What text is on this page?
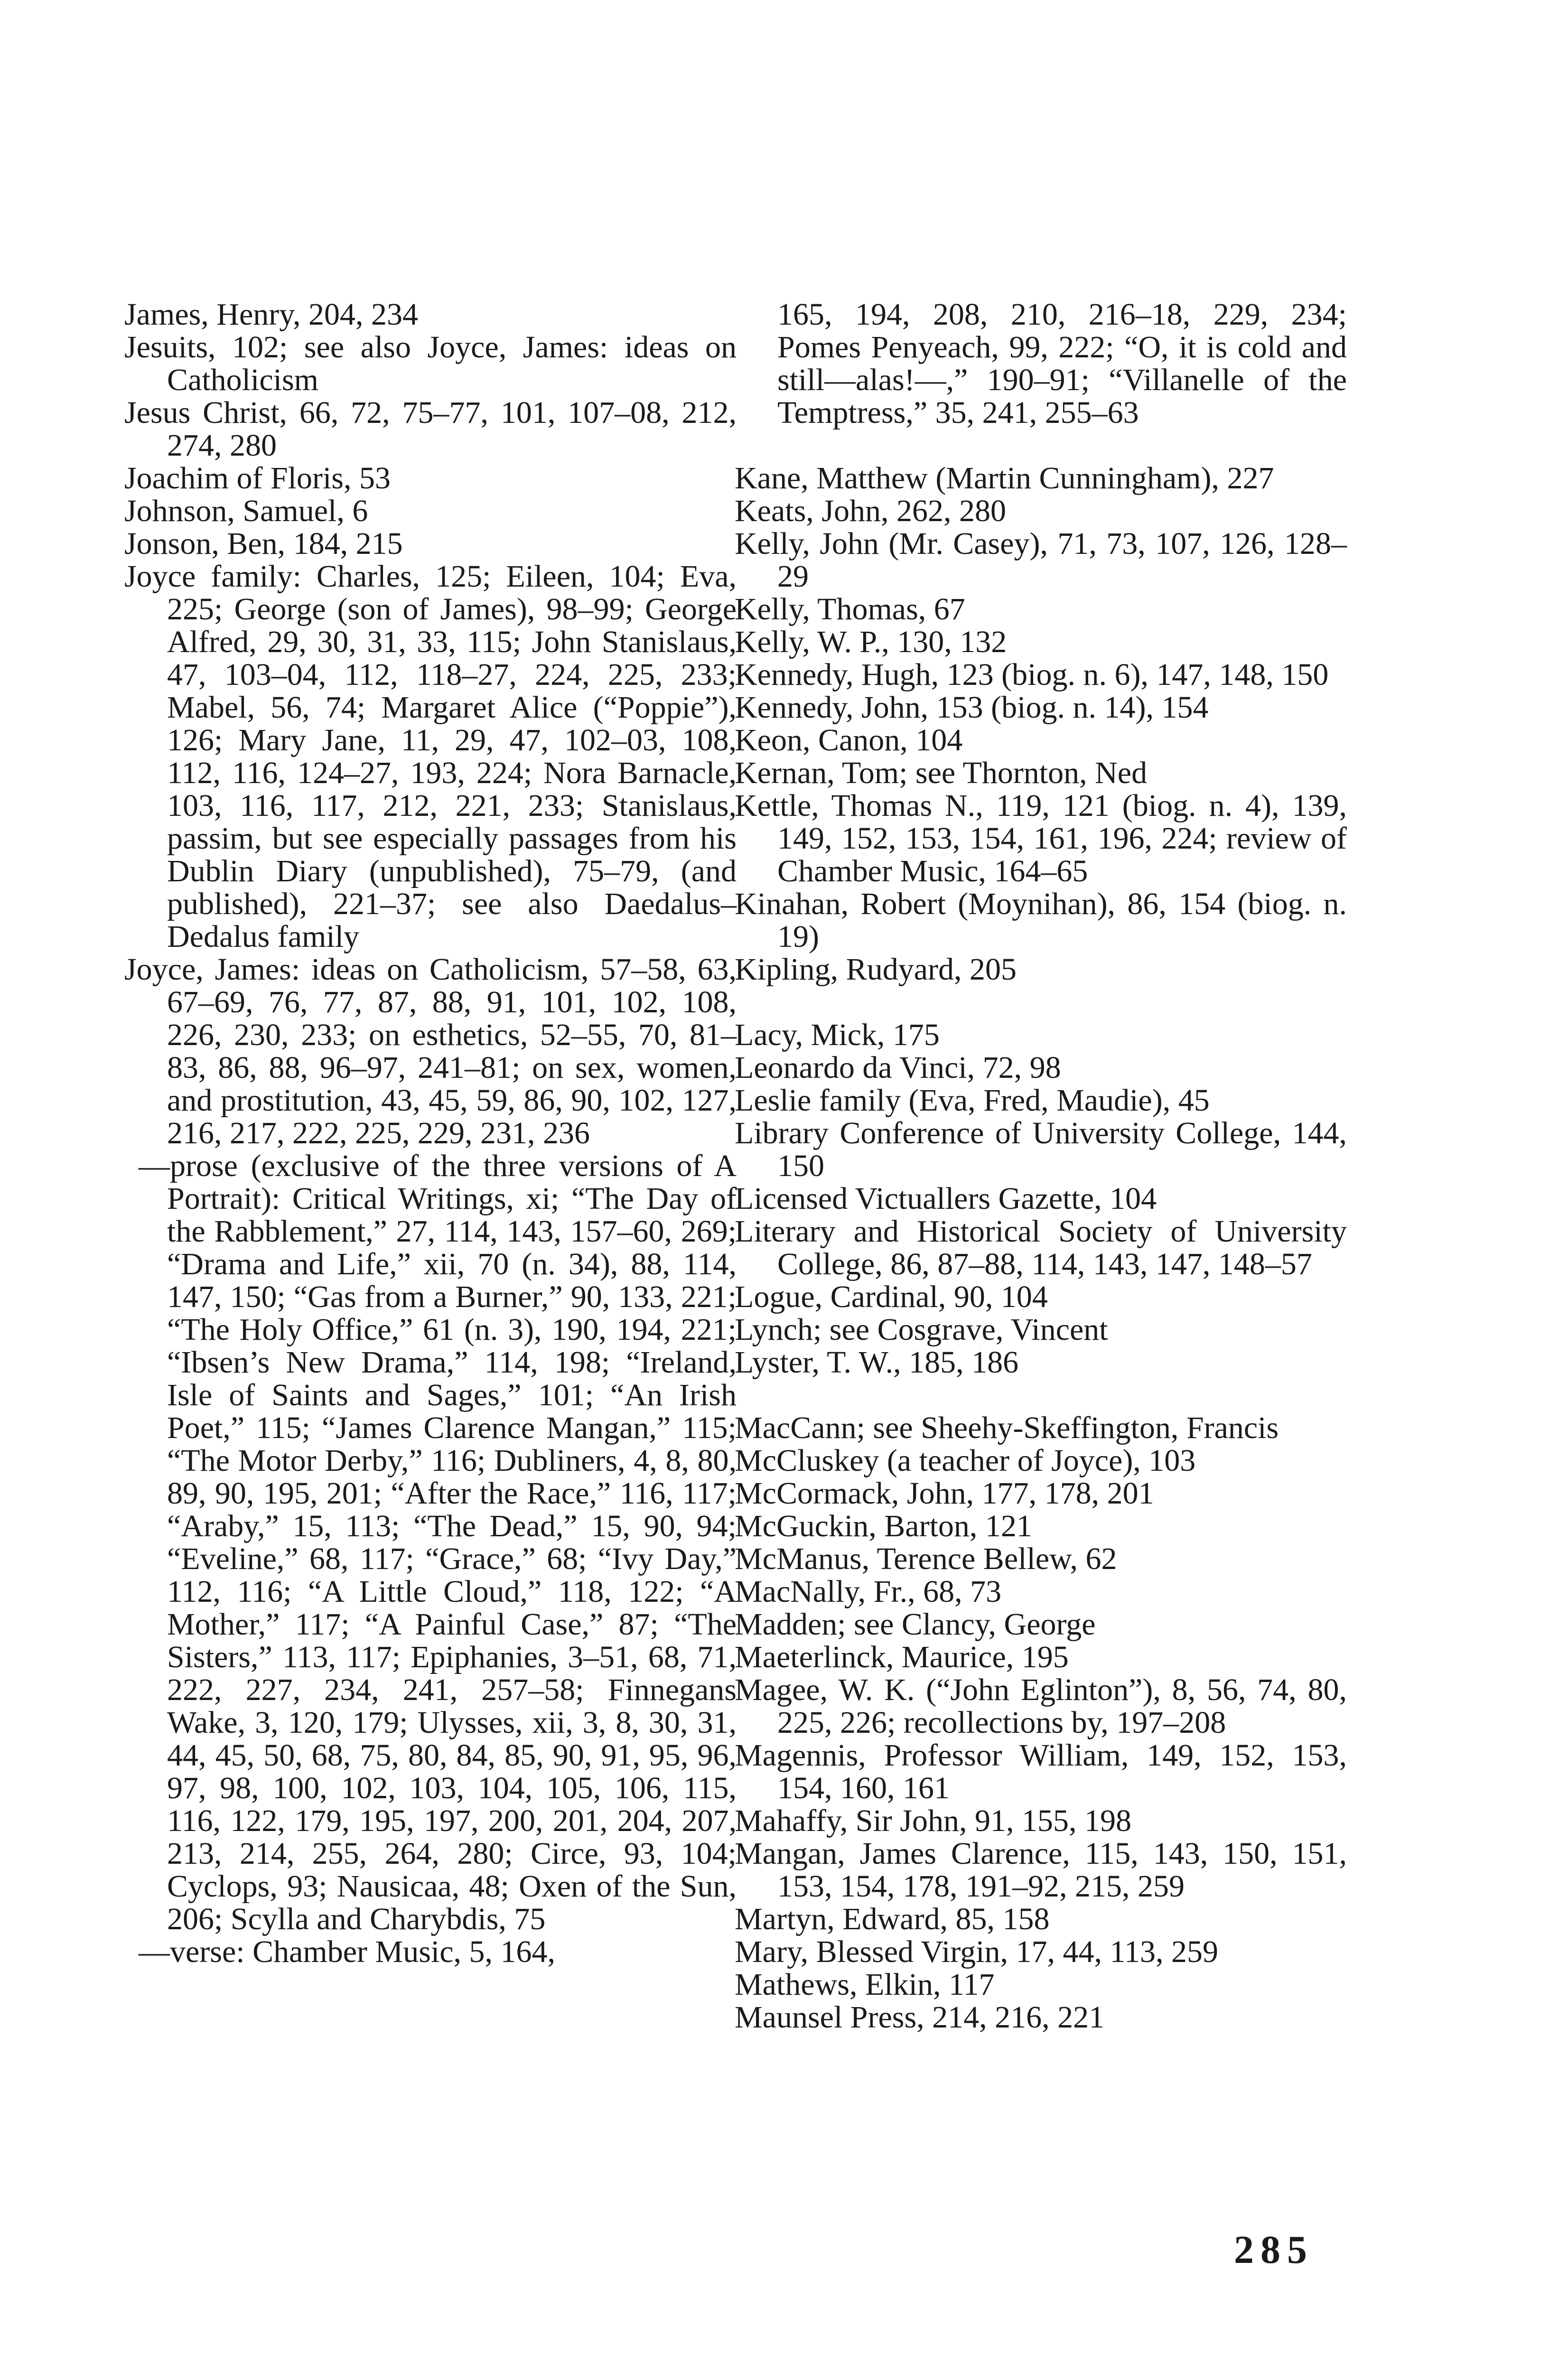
James, Henry, 204, 234

Jesuits, 102; see also Joyce, James: ideas on Catholicism

Jesus Christ, 66, 72, 75–77, 101, 107–08, 212, 274, 280

Joachim of Floris, 53

Johnson, Samuel, 6

Jonson, Ben, 184, 215

Joyce family: Charles, 125; Eileen, 104; Eva, 225; George (son of James), 98–99; George Alfred, 29, 30, 31, 33, 115; John Stanislaus, 47, 103–04, 112, 118–27, 224, 225, 233; Mabel, 56, 74; Margaret Alice (“Poppie”), 126; Mary Jane, 11, 29, 47, 102–03, 108, 112, 116, 124–27, 193, 224; Nora Barnacle, 103, 116, 117, 212, 221, 233; Stanislaus, passim, but see especially passages from his Dublin Diary (unpublished), 75–79, (and published), 221–37; see also Daedalus–Dedalus family

Joyce, James: ideas on Catholicism, 57–58, 63, 67–69, 76, 77, 87, 88, 91, 101, 102, 108, 226, 230, 233; on esthetics, 52–55, 70, 81–83, 86, 88, 96–97, 241–81; on sex, women, and prostitution, 43, 45, 59, 86, 90, 102, 127, 216, 217, 222, 225, 229, 231, 236

—prose (exclusive of the three versions of A Portrait): Critical Writings, xi; “The Day of the Rabblement,” 27, 114, 143, 157–60, 269; “Drama and Life,” xii, 70 (n. 34), 88, 114, 147, 150; “Gas from a Burner,” 90, 133, 221; “The Holy Office,” 61 (n. 3), 190, 194, 221; “Ibsen’s New Drama,” 114, 198; “Ireland, Isle of Saints and Sages,” 101; “An Irish Poet,” 115; “James Clarence Mangan,” 115; “The Motor Derby,” 116; Dubliners, 4, 8, 80, 89, 90, 195, 201; “After the Race,” 116, 117; “Araby,” 15, 113; “The Dead,” 15, 90, 94; “Eveline,” 68, 117; “Grace,” 68; “Ivy Day,” 112, 116; “A Little Cloud,” 118, 122; “A Mother,” 117; “A Painful Case,” 87; “The Sisters,” 113, 117; Epiphanies, 3–51, 68, 71, 222, 227, 234, 241, 257–58; Finnegans Wake, 3, 120, 179; Ulysses, xii, 3, 8, 30, 31, 44, 45, 50, 68, 75, 80, 84, 85, 90, 91, 95, 96, 97, 98, 100, 102, 103, 104, 105, 106, 115, 116, 122, 179, 195, 197, 200, 201, 204, 207, 213, 214, 255, 264, 280; Circe, 93, 104; Cyclops, 93; Nausicaa, 48; Oxen of the Sun, 206; Scylla and Charybdis, 75

—verse: Chamber Music, 5, 164,

165, 194, 208, 210, 216–18, 229, 234; Pomes Penyeach, 99, 222; “O, it is cold and still—alas!—,” 190–91; “Villanelle of the Temptress,” 35, 241, 255–63

Kane, Matthew (Martin Cunningham), 227

Keats, John, 262, 280

Kelly, John (Mr. Casey), 71, 73, 107, 126, 128–29

Kelly, Thomas, 67

Kelly, W. P., 130, 132

Kennedy, Hugh, 123 (biog. n. 6), 147, 148, 150

Kennedy, John, 153 (biog. n. 14), 154

Keon, Canon, 104

Kernan, Tom; see Thornton, Ned

Kettle, Thomas N., 119, 121 (biog. n. 4), 139, 149, 152, 153, 154, 161, 196, 224; review of Chamber Music, 164–65

Kinahan, Robert (Moynihan), 86, 154 (biog. n. 19)

Kipling, Rudyard, 205

Lacy, Mick, 175

Leonardo da Vinci, 72, 98

Leslie family (Eva, Fred, Maudie), 45

Library Conference of University College, 144, 150

Licensed Victuallers Gazette, 104

Literary and Historical Society of University College, 86, 87–88, 114, 143, 147, 148–57

Logue, Cardinal, 90, 104

Lynch; see Cosgrave, Vincent

Lyster, T. W., 185, 186

MacCann; see Sheehy-Skeffington, Francis

McCluskey (a teacher of Joyce), 103

McCormack, John, 177, 178, 201

McGuckin, Barton, 121

McManus, Terence Bellew, 62

MacNally, Fr., 68, 73

Madden; see Clancy, George

Maeterlinck, Maurice, 195

Magee, W. K. (“John Eglinton”), 8, 56, 74, 80, 225, 226; recollections by, 197–208

Magennis, Professor William, 149, 152, 153, 154, 160, 161

Mahaffy, Sir John, 91, 155, 198

Mangan, James Clarence, 115, 143, 150, 151, 153, 154, 178, 191–92, 215, 259

Martyn, Edward, 85, 158

Mary, Blessed Virgin, 17, 44, 113, 259

Mathews, Elkin, 117

Maunsel Press, 214, 216, 221

285
